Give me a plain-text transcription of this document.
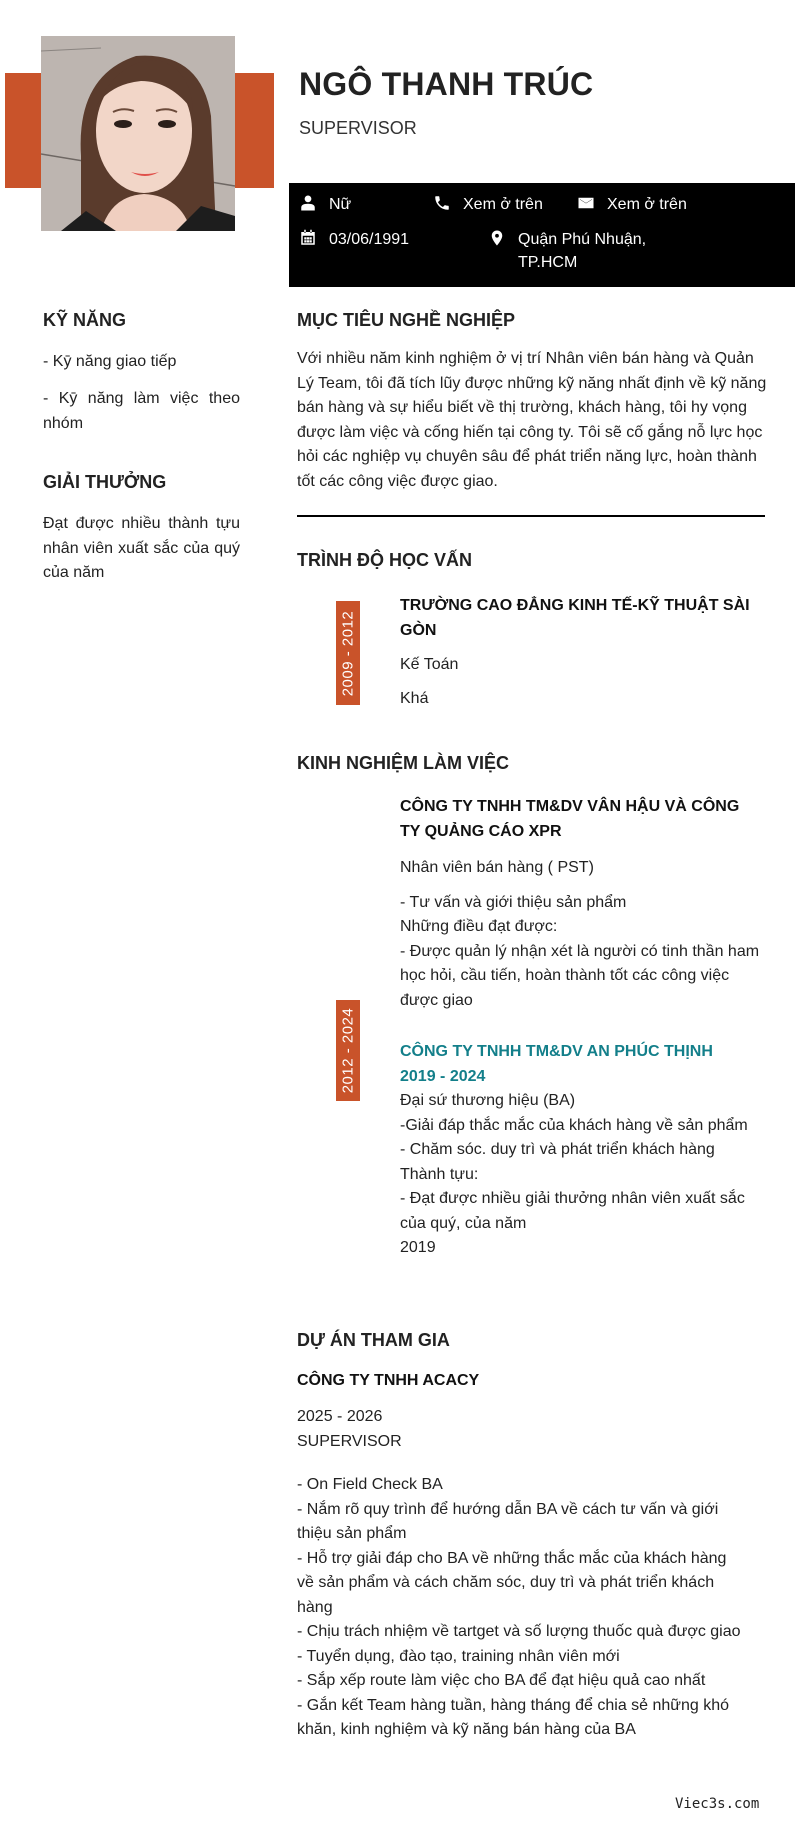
NGÔ THANH TRÚC
SUPERVISOR
Nữ	Xem ở trên	Xem ở trên
03/06/1991	Quận Phú Nhuận,
TP.HCM
KỸ NĂNG
- Kȳ năng giao tiếp
- Kȳ năng làm việc theo nhóm
GIẢI THƯỞNG
Đạt được nhiều thành tựu nhân viên xuất sắc của quý của năm
MỤC TIÊU NGHỀ NGHIỆP
Với nhiều năm kinh nghiệm ở vị trí Nhân viên bán hàng và Quản Lý Team, tôi đã tích lũy được những kỹ năng nhất định về kỹ năng bán hàng và sự hiểu biết về thị trường, khách hàng, tôi hy vọng được làm việc và cống hiến tại công ty. Tôi sẽ cố gắng nỗ lực học hỏi các nghiệp vụ chuyên sâu để phát triển năng lực, hoàn thành tốt các công việc được giao.
TRÌNH ĐỘ HỌC VẤN
2009 - 2012
TRƯỜNG CAO ĐẲNG KINH TẾ-KỸ THUẬT SÀI GÒN
Kế Toán
Khá
KINH NGHIỆM LÀM VIỆC
2012 - 2024
CÔNG TY TNHH TM&DV VÂN HẬU VÀ CÔNG TY QUẢNG CÁO XPR
Nhân viên bán hàng ( PST)
- Tư vấn và giới thiệu sản phẩm
Những điều đạt được:
- Được quản lý nhận xét là người có tinh thần ham học hỏi, cầu tiến, hoàn thành tốt các công việc được giao
CÔNG TY TNHH TM&DV AN PHÚC THỊNH
2019 - 2024
Đại sứ thương hiệu (BA)
-Giải đáp thắc mắc của khách hàng về sản phẩm
- Chăm sóc. duy trì và phát triển khách hàng
Thành tựu:
- Đạt được nhiều giải thưởng nhân viên xuất sắc của quý, của năm
2019
DỰ ÁN THAM GIA
CÔNG TY TNHH ACACY
2025 - 2026
SUPERVISOR
- On Field Check BA
- Nắm rõ quy trình để hướng dẫn BA về cách tư vấn và giới thiệu sản phẩm
- Hỗ trợ giải đáp cho BA về những thắc mắc của khách hàng về sản phẩm và cách chăm sóc, duy trì và phát triển khách hàng
- Chịu trách nhiệm về tartget và số lượng thuốc quà được giao
- Tuyển dụng, đào tạo, training nhân viên mới
- Sắp xếp route làm việc cho BA để đạt hiệu quả cao nhất
- Gắn kết Team hàng tuần, hàng tháng để chia sẻ những khó khăn, kinh nghiệm và kỹ năng bán hàng của BA
Viec3s.com
